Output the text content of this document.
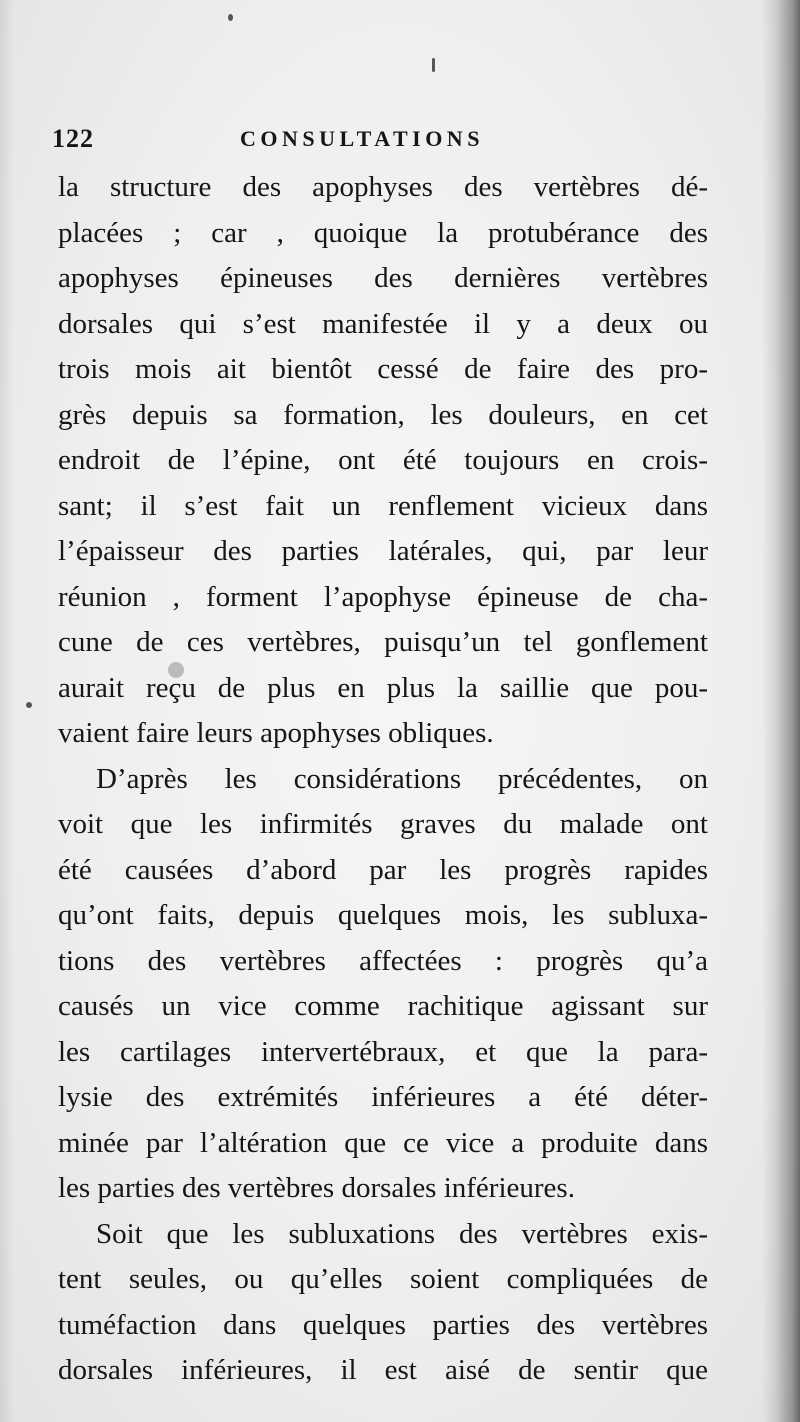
122	CONSULTATIONS
la structure des apophyses des vertèbres dé-
placées ; car , quoique la protubérance des
apophyses épineuses des dernières vertèbres
dorsales qui s’est manifestée il y a deux ou
trois mois ait bientôt cessé de faire des pro-
grès depuis sa formation, les douleurs, en cet
endroit de l’épine, ont été toujours en crois-
sant; il s’est fait un renflement vicieux dans
l’épaisseur des parties latérales, qui, par leur
réunion , forment l’apophyse épineuse de cha-
cune de ces vertèbres, puisqu’un tel gonflement
aurait reçu de plus en plus la saillie que pou-
vaient faire leurs apophyses obliques.
D’après les considérations précédentes, on
voit que les infirmités graves du malade ont
été causées d’abord par les progrès rapides
qu’ont faits, depuis quelques mois, les subluxa-
tions des vertèbres affectées : progrès qu’a
causés un vice comme rachitique agissant sur
les cartilages intervertébraux, et que la para-
lysie des extrémités inférieures a été déter-
minée par l’altération que ce vice a produite dans
les parties des vertèbres dorsales inférieures.
Soit que les subluxations des vertèbres exis-
tent seules, ou qu’elles soient compliquées de
tuméfaction dans quelques parties des vertèbres
dorsales inférieures, il est aisé de sentir que
